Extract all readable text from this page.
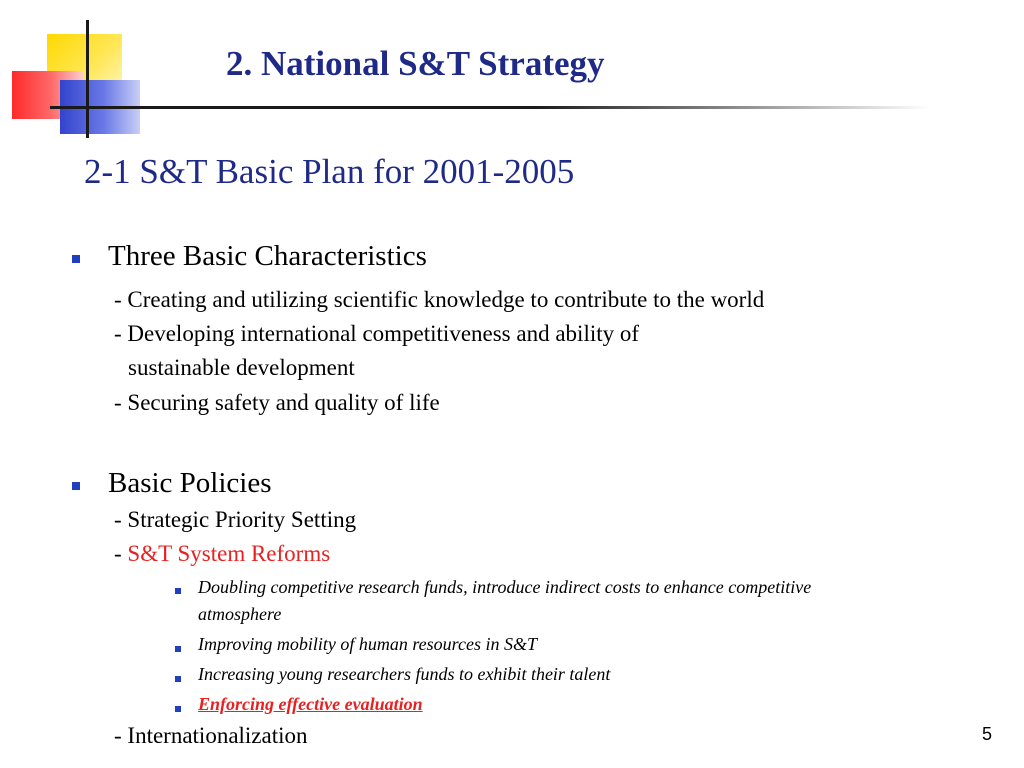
2. National S&T Strategy
2-1 S&T Basic Plan for 2001-2005
Three Basic Characteristics
- Creating and utilizing scientific knowledge to contribute to the world
- Developing international competitiveness and ability of
sustainable development
- Securing safety and quality of life
Basic Policies
- Strategic Priority Setting
- S&T System Reforms
Doubling competitive research funds, introduce indirect costs to enhance competitive
atmosphere
Improving mobility of human resources in S&T
Increasing young researchers funds to exhibit their talent
Enforcing effective evaluation
- Internationalization	5
